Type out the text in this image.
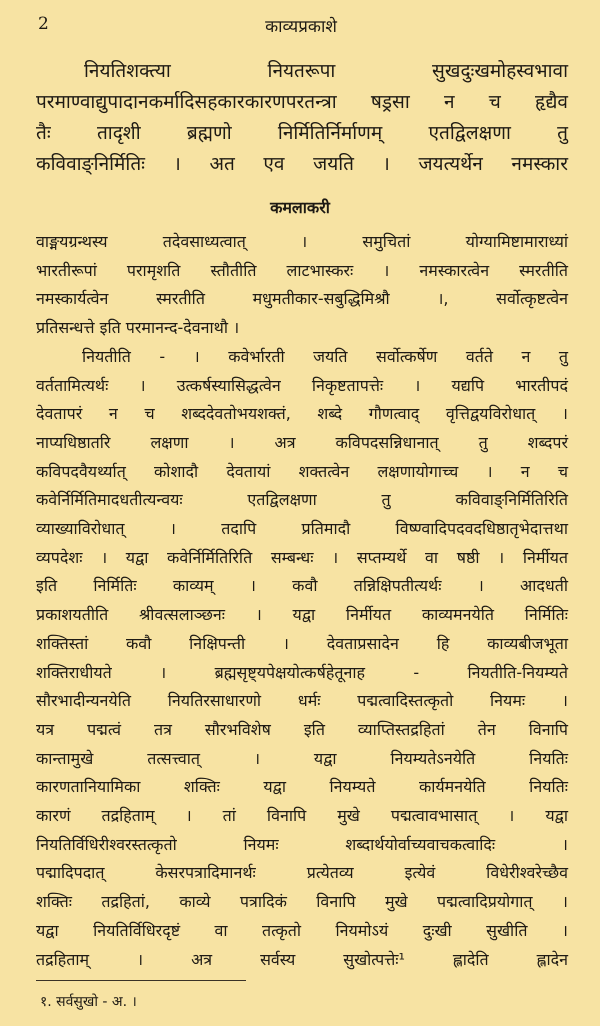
2	काव्यप्रकाशे

नियतिशक्त्या नियतरूपा सुखदुःखमोहस्वभावा

परमाण्वाद्युपादानकर्मादिसहकारकारणपरतन्त्रा षड्रसा न च हृद्यैव

तैः तादृशी ब्रह्मणो निर्मितिर्निर्माणम् एतद्विलक्षणा तु

कविवाङ्निर्मितिः । अत एव जयति । जयत्यर्थेन नमस्कार

कमलाकरी
वाङ्मयग्रन्थस्य तदेवसाध्यत्वात् । समुचितां योग्यामिष्टामाराध्यां
भारतीरूपां परामृशति स्तौतीति लाटभास्करः । नमस्कारत्वेन स्मरतीति
नमस्कार्यत्वेन स्मरतीति मधुमतीकार-सबुद्धिमिश्रौ ।, सर्वोत्कृष्टत्वेन
प्रतिसन्धत्ते इति परमानन्द-देवनाथौ ।
नियतीति - । कवेर्भारती जयति सर्वोत्कर्षेण वर्तते न तु
वर्ततामित्यर्थः । उत्कर्षस्यासिद्धत्वेन निकृष्टतापत्तेः । यद्यपि भारतीपदं
देवतापरं न च शब्ददेवतोभयशक्तं, शब्दे गौणत्वाद् वृत्तिद्वयविरोधात् ।
नाप्यधिष्ठातरि लक्षणा । अत्र कविपदसन्निधानात् तु शब्दपरं
कविपदवैयर्थ्यात् कोशादौ देवतायां शक्तत्वेन लक्षणायोगाच्च । न च
कवेर्निर्मितिमादधतीत्यन्वयः एतद्विलक्षणा तु कविवाङ्निर्मितिरिति
व्याख्याविरोधात् । तदापि प्रतिमादौ विष्ण्वादिपदवदधिष्ठातृभेदात्तथा
व्यपदेशः । यद्वा कवेर्निर्मितिरिति सम्बन्धः । सप्तम्यर्थे वा षष्ठी । निर्मीयत
इति निर्मितिः काव्यम् । कवौ तन्निक्षिपतीत्यर्थः । आदधती
प्रकाशयतीति श्रीवत्सलाञ्छनः । यद्वा निर्मीयत काव्यमनयेति निर्मितिः
शक्तिस्तां कवौ निक्षिपन्ती । देवताप्रसादेन हि काव्यबीजभूता
शक्तिराधीयते । ब्रह्मसृष्ट्यपेक्षयोत्कर्षहेतूनाह - नियतीति-नियम्यते
सौरभादीन्यनयेति नियतिरसाधारणो धर्मः पद्मत्वादिस्तत्कृतो नियमः ।
यत्र पद्मत्वं तत्र सौरभविशेष इति व्याप्तिस्तद्रहितां तेन विनापि
कान्तामुखे तत्सत्त्वात् । यद्वा नियम्यतेऽनयेति नियतिः
कारणतानियामिका शक्तिः यद्वा नियम्यते कार्यमनयेति नियतिः
कारणं तद्रहिताम् । तां विनापि मुखे पद्मत्वावभासात् । यद्वा
नियतिर्विधिरीश्वरस्तत्कृतो नियमः शब्दार्थयोर्वाच्यवाचकत्वादिः ।
पद्मादिपदात् केसरपत्रादिमानर्थः प्रत्येतव्य इत्येवं विधेरीश्वरेच्छैव
शक्तिः तद्रहितां, काव्ये पत्रादिकं विनापि मुखे पद्मत्वादिप्रयोगात् ।
यद्वा नियतिर्विधिरदृष्टं वा तत्कृतो नियमोऽयं दुःखी सुखीति ।
तद्रहिताम् । अत्र सर्वस्य सुखोत्पत्तेः¹ ह्लादेति ह्लादेन
१. सर्वसुखो - अ. ।
